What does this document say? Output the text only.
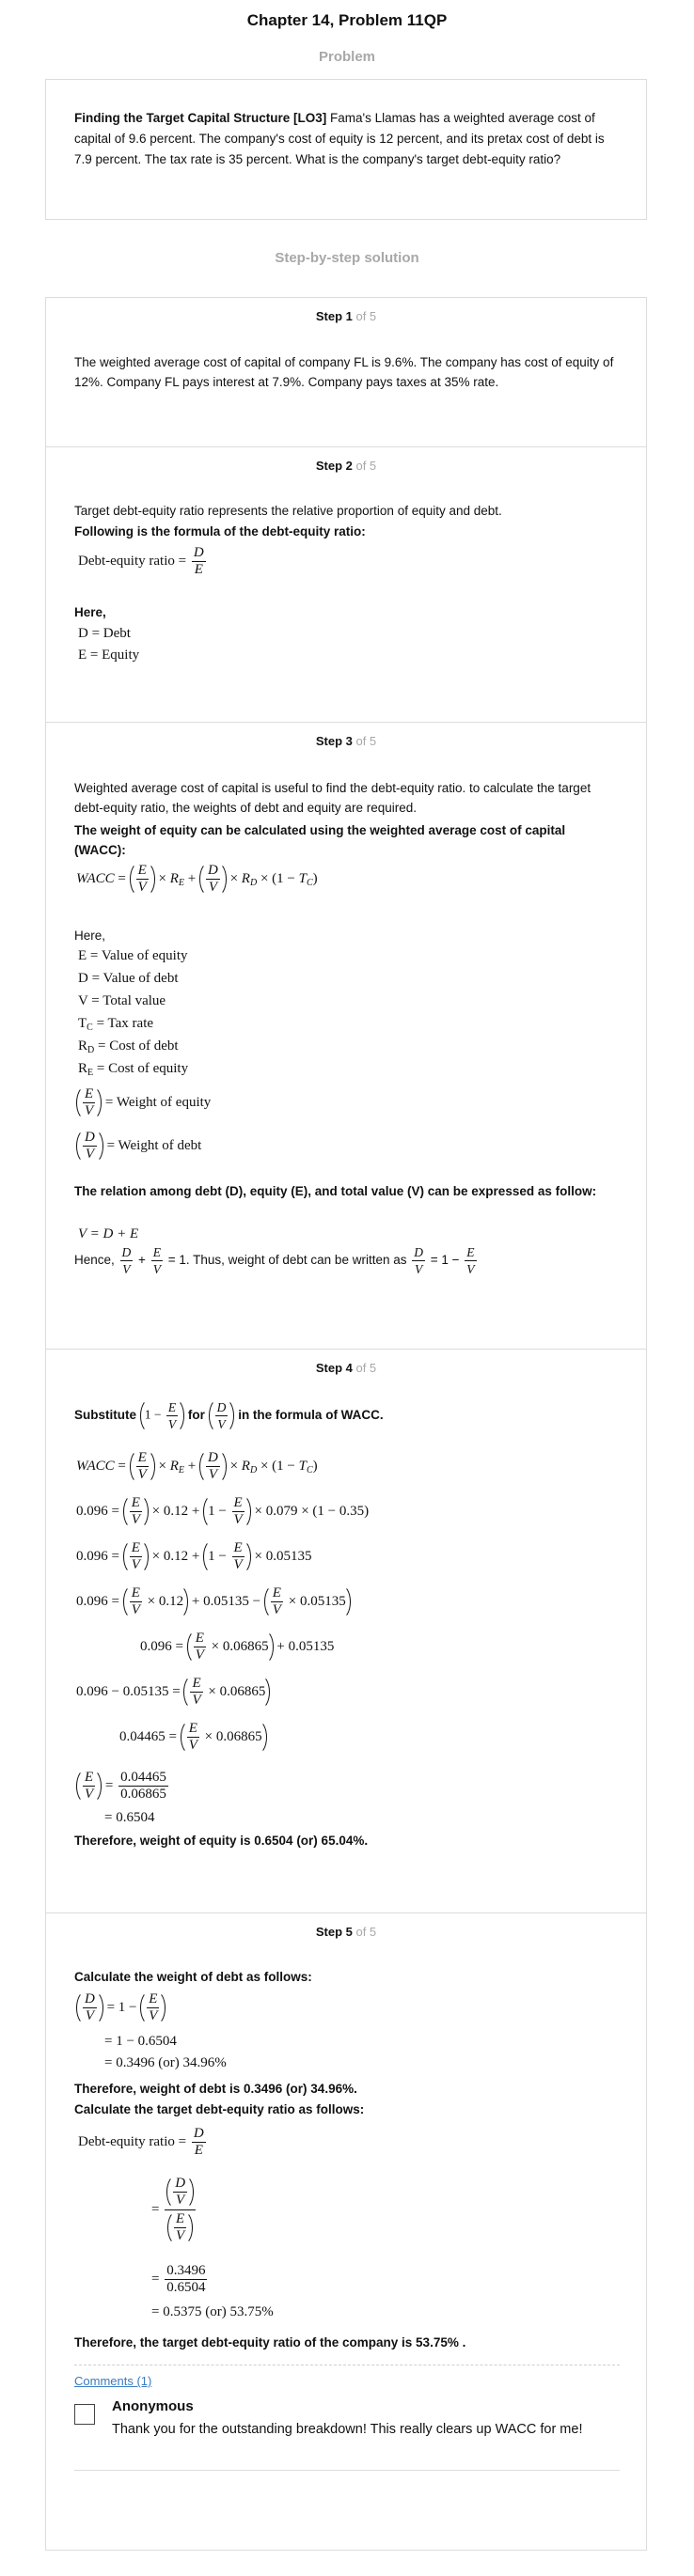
Chapter 14, Problem 11QP
Problem
Finding the Target Capital Structure [LO3] Fama's Llamas has a weighted average cost of capital of 9.6 percent. The company's cost of equity is 12 percent, and its pretax cost of debt is 7.9 percent. The tax rate is 35 percent. What is the company's target debt-equity ratio?
Step-by-step solution
Step 1 of 5
The weighted average cost of capital of company FL is 9.6%. The company has cost of equity of 12%. Company FL pays interest at 7.9%. Company pays taxes at 35% rate.
Step 2 of 5
Target debt-equity ratio represents the relative proportion of equity and debt.
Following is the formula of the debt-equity ratio:
Debt-equity ratio = $\frac{D}{E}$
Here,
D = Debt
E = Equity
Step 3 of 5
Weighted average cost of capital is useful to find the debt-equity ratio. to calculate the target debt-equity ratio, the weights of debt and equity are required.
The weight of equity can be calculated using the weighted average cost of capital (WACC):
WACC = $\frac{E}{V} \times R_E + \frac{D}{V} \times R_D \times (1 - T_C)$
Here,
E = Value of equity
D = Value of debt
V = Total value
$T_C$ = Tax rate
$R_D$ = Cost of debt
$R_E$ = Cost of equity
$\frac{E}{V}$ = Weight of equity
$\frac{D}{V}$ = Weight of debt
The relation among debt (D), equity (E), and total value (V) can be expressed as follow:
V = D + E
Hence, $\frac{D}{V} + \frac{E}{V} = 1$. Thus, weight of debt can be written as $\frac{D}{V} = 1 - \frac{E}{V}$
Step 4 of 5
Substitute $1 - \frac{E}{V}$ for $\frac{D}{V}$ in the formula of WACC.
WACC = $\frac{E}{V} \times R_E + \frac{D}{V} \times R_D \times (1 - T_C)$
$0.096 = \frac{E}{V} \times 0.12 + 1 - \frac{E}{V} \times 0.079 \times (1 - 0.35)$
$0.096 = \frac{E}{V} \times 0.12 + 1 - \frac{E}{V} \times 0.05135$
$0.096 = \frac{E}{V} \times 0.12 + 0.05135 - \frac{E}{V} \times 0.05135$
$0.096 = \frac{E}{V} \times 0.06865 + 0.05135$
$0.096 - 0.05135 = \frac{E}{V} \times 0.06865$
$0.04465 = \frac{E}{V} \times 0.06865$
$\frac{E}{V} = \frac{0.04465}{0.06865}$
= 0.6504
Therefore, weight of equity is 0.6504 (or) 65.04%.
Step 5 of 5
Calculate the weight of debt as follows:
$\frac{D}{V} = 1 - \frac{E}{V}$
= 1 − 0.6504
= 0.3496 (or) 34.96%
Therefore, weight of debt is 0.3496 (or) 34.96%.
Calculate the target debt-equity ratio as follows:
Debt-equity ratio = $\frac{D}{E}$
= $\frac{\frac{D}{V}}{\frac{E}{V}}$
= $\frac{0.3496}{0.6504}$
= 0.5375 (or) 53.75%
Therefore, the target debt-equity ratio of the company is 53.75% .
Comments (1)
Anonymous
Thank you for the outstanding breakdown! This really clears up WACC for me!
